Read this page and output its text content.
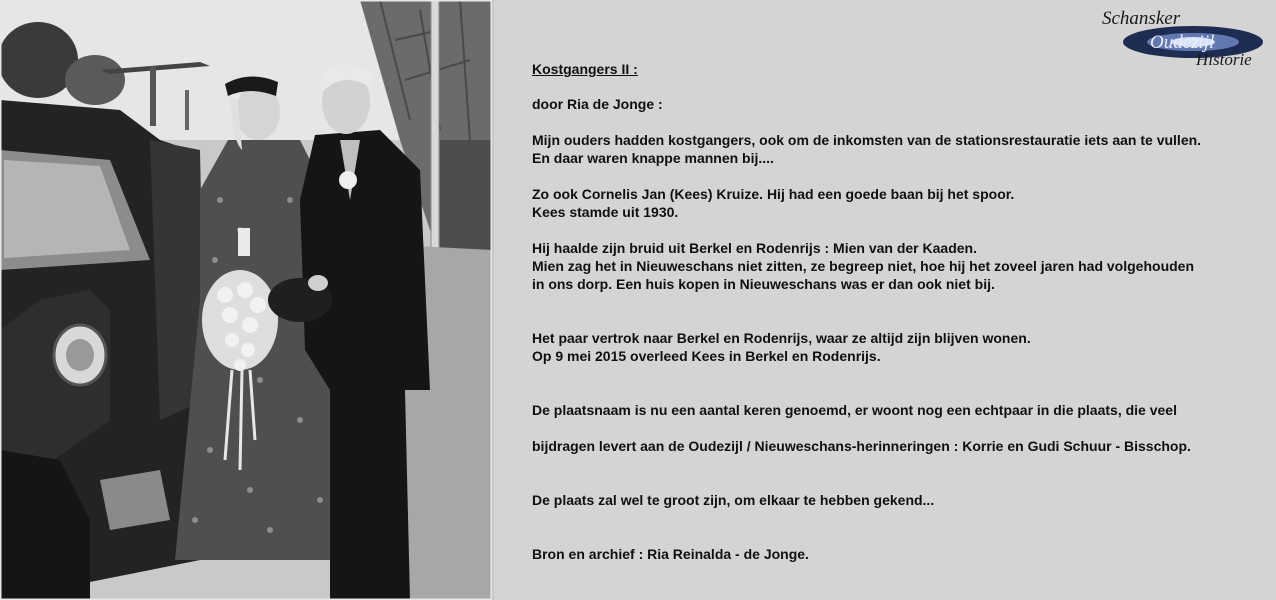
Schansker
Oudezijl
Historie
Kostgangers II :
door Ria de Jonge :
Mijn ouders hadden kostgangers, ook om de inkomsten van de stationsrestauratie iets aan te vullen.
En daar waren knappe mannen bij....
Zo ook Cornelis Jan (Kees) Kruize. Hij had een goede baan bij het spoor.
Kees stamde uit 1930.
Hij haalde zijn bruid uit Berkel en Rodenrijs : Mien van der Kaaden.
Mien zag het in Nieuweschans niet zitten, ze begreep niet, hoe hij het zoveel jaren had volgehouden
in ons dorp. Een huis kopen in Nieuweschans was er dan ook niet bij.
Het paar vertrok naar Berkel en Rodenrijs, waar ze altijd zijn blijven wonen.
Op 9 mei 2015 overleed Kees in Berkel en Rodenrijs.
De plaatsnaam is nu een aantal keren genoemd, er woont nog een echtpaar in die plaats, die veel
bijdragen levert aan de Oudezijl / Nieuweschans-herinneringen : Korrie en Gudi Schuur - Bisschop.
De plaats zal wel te groot zijn, om elkaar te hebben gekend...
Bron en archief : Ria Reinalda - de Jonge.
